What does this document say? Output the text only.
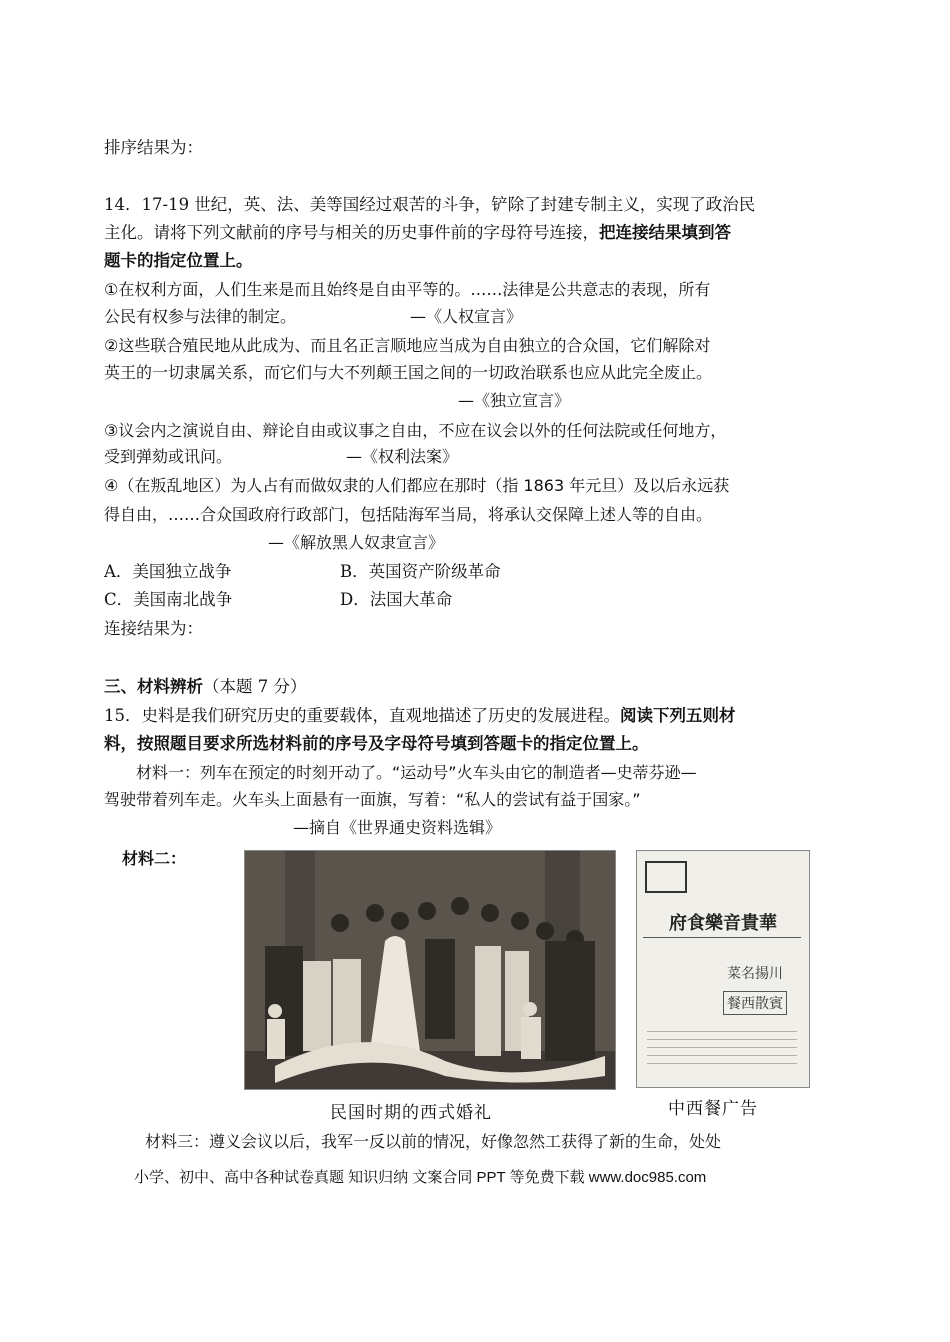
排序结果为：
14．17-19 世纪，英、法、美等国经过艰苦的斗争，铲除了封建专制主义，实现了政治民
主化。请将下列文献前的序号与相关的历史事件前的字母符号连接，把连接结果填到答
题卡的指定位置上。
①在权利方面，人们生来是而且始终是自由平等的。……法律是公共意志的表现，所有
公民有权参与法律的制定。	—《人权宣言》
②这些联合殖民地从此成为、而且名正言顺地应当成为自由独立的合众国，它们解除对
英王的一切隶属关系，而它们与大不列颠王国之间的一切政治联系也应从此完全废止。
—《独立宣言》
③议会内之演说自由、辩论自由或议事之自由，不应在议会以外的任何法院或任何地方，
受到弹劾或讯问。	—《权利法案》
④（在叛乱地区）为人占有而做奴隶的人们都应在那时（指 1863 年元旦）及以后永远获
得自由，……合众国政府行政部门，包括陆海军当局，将承认交保障上述人等的自由。
—《解放黑人奴隶宣言》
A．美国独立战争	B．英国资产阶级革命
C．美国南北战争	D．法国大革命
连接结果为：
三、材料辨析（本题 7 分）
15．史料是我们研究历史的重要载体，直观地描述了历史的发展进程。阅读下列五则材
料，按照题目要求所选材料前的序号及字母符号填到答题卡的指定位置上。
材料一：列车在预定的时刻开动了。“运动号”火车头由它的制造者—史蒂芬逊—
驾驶带着列车走。火车头上面悬有一面旗，写着：“私人的尝试有益于国家。”
—摘自《世界通史资料选辑》
材料二：
民国时期的西式婚礼
府食樂音貴華
菜名揚川
餐西散賓
中西餐广告
材料三：遵义会议以后，我军一反以前的情况，好像忽然工获得了新的生命，处处
小学、初中、高中各种试卷真题 知识归纳 文案合同 PPT 等免费下载 www.doc985.com
